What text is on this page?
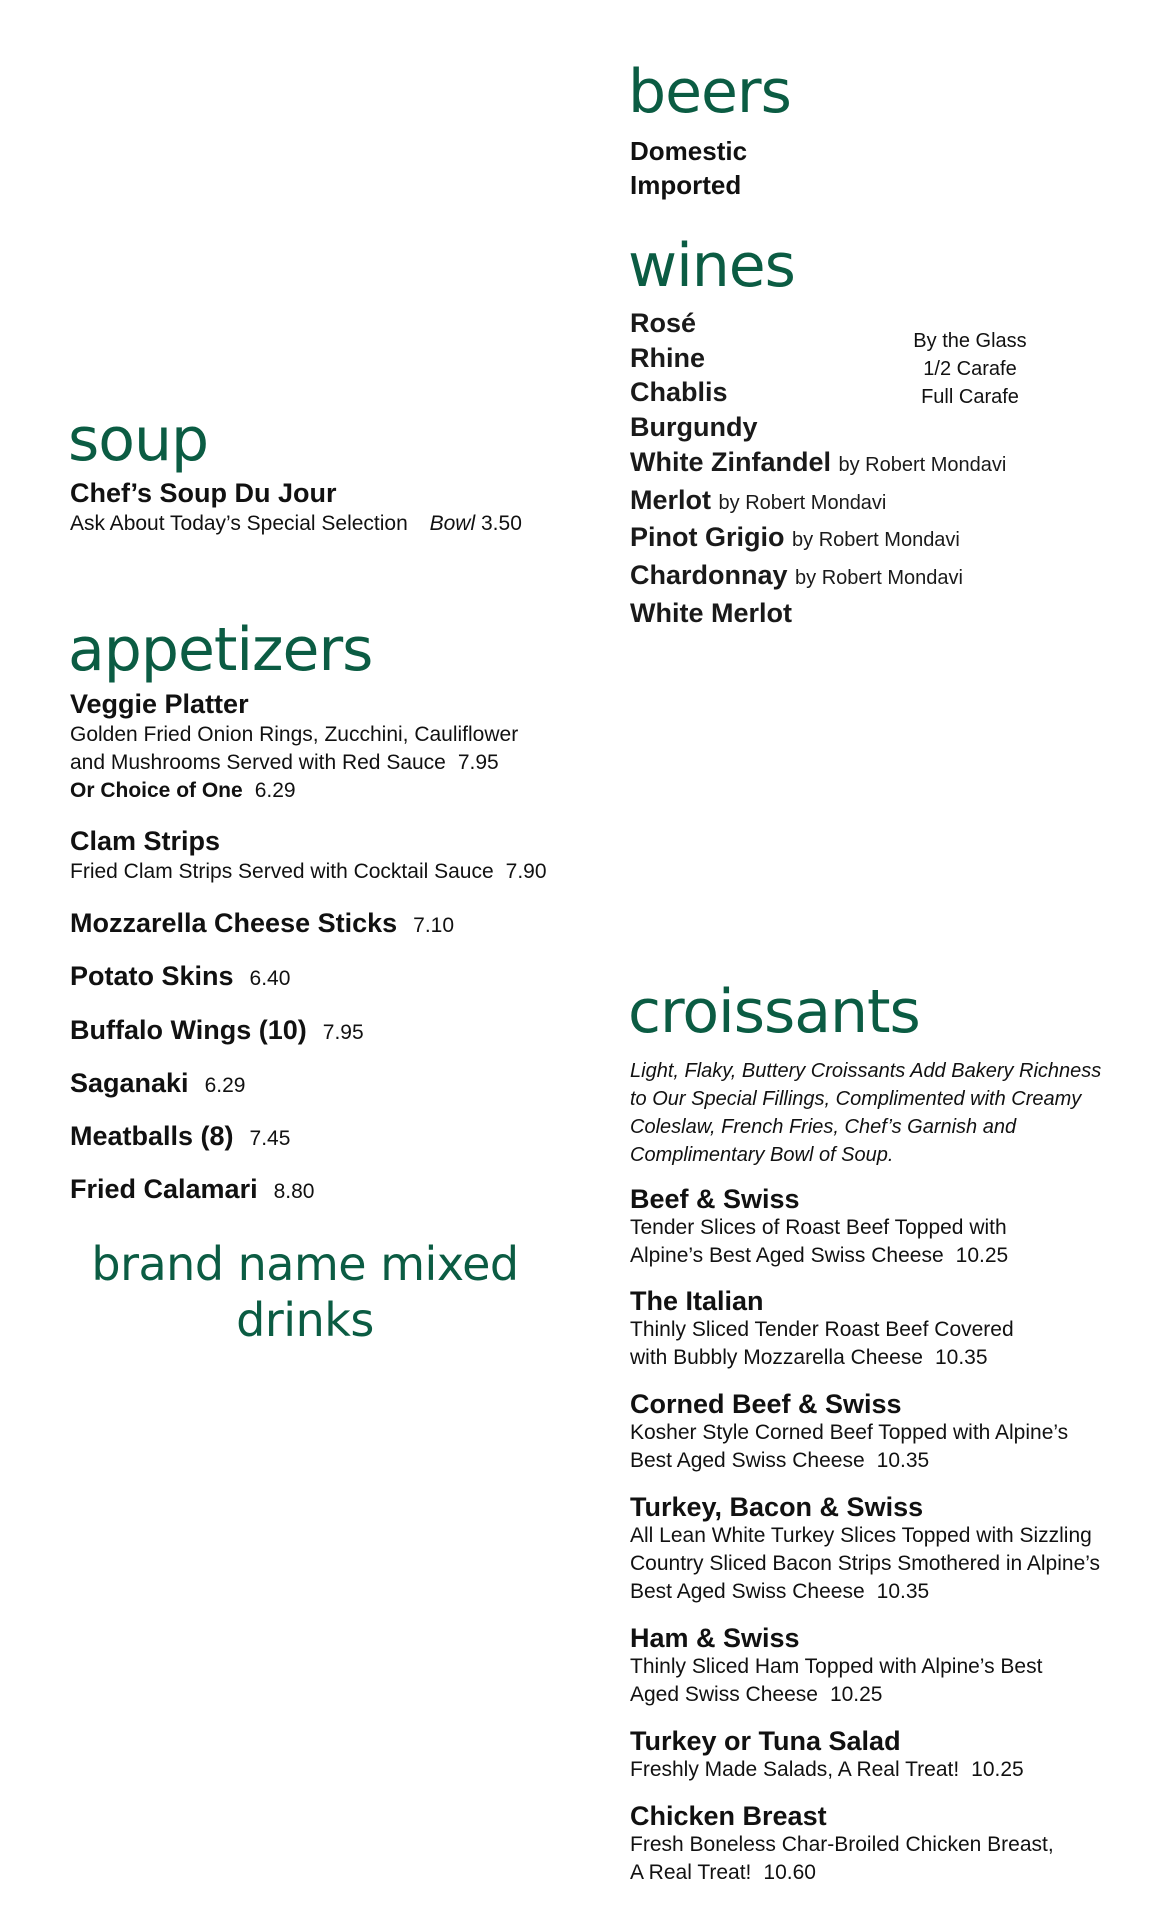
beers
Domestic
Imported
wines
Rosé
Rhine
Chablis
Burgundy
White Zinfandel by Robert Mondavi
Merlot by Robert Mondavi
Pinot Grigio by Robert Mondavi
Chardonnay by Robert Mondavi
White Merlot
By the Glass
1/2 Carafe
Full Carafe
soup
Chef’s Soup Du Jour
Ask About Today’s Special Selection Bowl 3.50
appetizers
Veggie Platter
Golden Fried Onion Rings, Zucchini, Cauliflower
and Mushrooms Served with Red Sauce 7.95
Or Choice of One 6.29
Clam Strips
Fried Clam Strips Served with Cocktail Sauce 7.90
Mozzarella Cheese Sticks 7.10
Potato Skins 6.40
Buffalo Wings (10) 7.95
Saganaki 6.29
Meatballs (8) 7.45
Fried Calamari 8.80
brand name mixed
drinks
croissants
Light, Flaky, Buttery Croissants Add Bakery Richness
to Our Special Fillings, Complimented with Creamy
Coleslaw, French Fries, Chef’s Garnish and
Complimentary Bowl of Soup.
Beef & Swiss
Tender Slices of Roast Beef Topped with
Alpine’s Best Aged Swiss Cheese 10.25
The Italian
Thinly Sliced Tender Roast Beef Covered
with Bubbly Mozzarella Cheese 10.35
Corned Beef & Swiss
Kosher Style Corned Beef Topped with Alpine’s
Best Aged Swiss Cheese 10.35
Turkey, Bacon & Swiss
All Lean White Turkey Slices Topped with Sizzling
Country Sliced Bacon Strips Smothered in Alpine’s
Best Aged Swiss Cheese 10.35
Ham & Swiss
Thinly Sliced Ham Topped with Alpine’s Best
Aged Swiss Cheese 10.25
Turkey or Tuna Salad
Freshly Made Salads, A Real Treat! 10.25
Chicken Breast
Fresh Boneless Char-Broiled Chicken Breast,
A Real Treat! 10.60
